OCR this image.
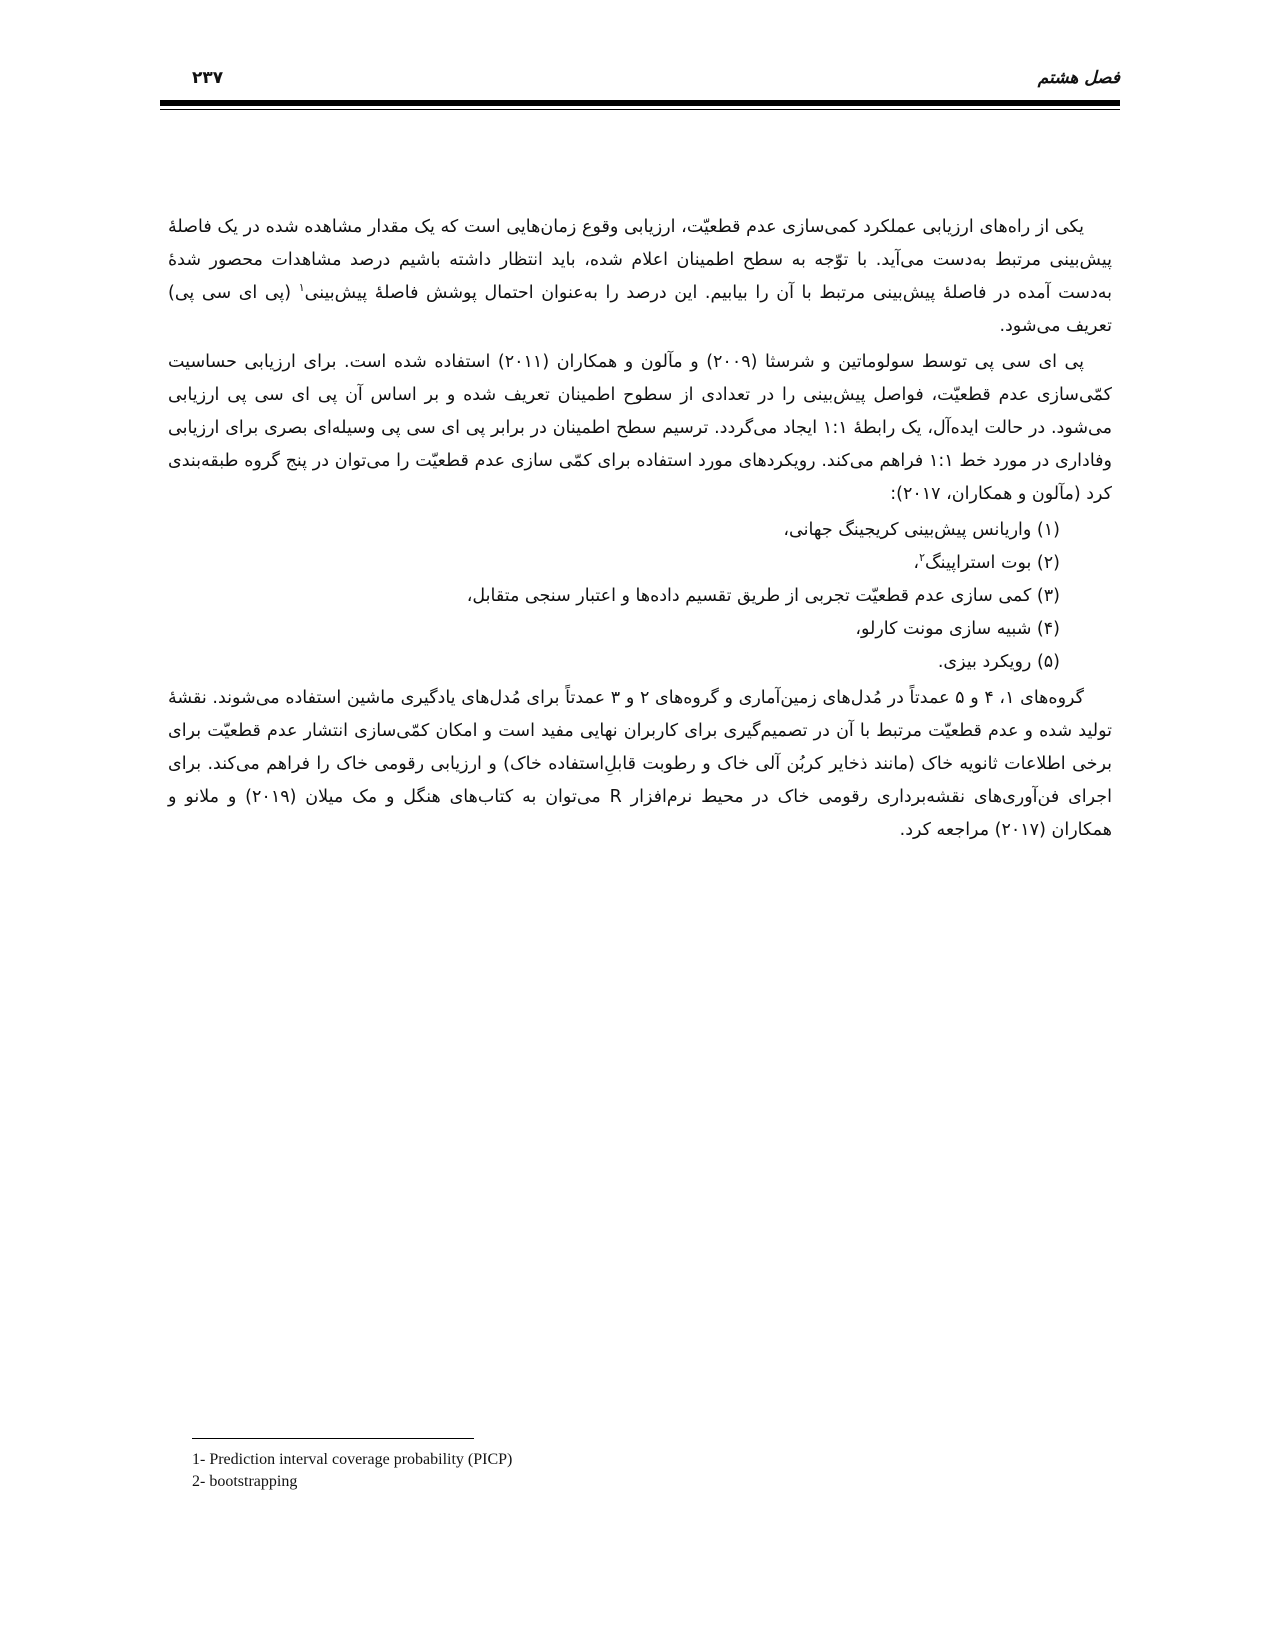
فصل هشتم
۲۳۷

یکی از راه‌های ارزیابی عملکرد کمی‌سازی عدم قطعیّت، ارزیابی وقوع زمان‌هایی است که یک مقدار مشاهده شده در یک فاصلۀ پیش‌بینی مرتبط به‌دست می‌آید. با توّجه به سطح اطمینان اعلام شده، باید انتظار داشته باشیم درصد مشاهدات محصور شدۀ به‌دست آمده در فاصلۀ پیش‌بینی مرتبط با آن را بیابیم. این درصد را به‌عنوان احتمال پوشش فاصلۀ پیش‌بینی$^۱$ (پی ای سی پی) تعریف می‌شود.

پی ای سی پی توسط سولوماتین و شرسثا (۲۰۰۹) و مآلون و همکاران (۲۰۱۱) استفاده شده است. برای ارزیابی حساسیت کمّی‌سازی عدم قطعیّت، فواصل پیش‌بینی را در تعدادی از سطوح اطمینان تعریف شده و بر اساس آن پی ای سی پی ارزیابی می‌شود. در حالت ایده‌آل، یک رابطۀ ۱:۱ ایجاد می‌گردد. ترسیم سطح اطمینان در برابر پی ای سی پی وسیله‌ای بصری برای ارزیابی وفاداری در مورد خط ۱:۱ فراهم می‌کند. رویکردهای مورد استفاده برای کمّی سازی عدم قطعیّت را می‌توان در پنج گروه طبقه‌بندی کرد (مآلون و همکاران، ۲۰۱۷):

(۱) واریانس پیش‌بینی کریجینگ جهانی،
(۲) بوت استراپینگ$^۲$،
(۳) کمی سازی عدم قطعیّت تجربی از طریق تقسیم داده‌ها و اعتبار سنجی متقابل،
(۴) شبیه سازی مونت کارلو،
(۵) رویکرد بیزی.

گروه‌های ۱، ۴ و ۵ عمدتاً در مُدل‌های زمین‌آماری و گروه‌های ۲ و ۳ عمدتاً برای مُدل‌های یادگیری ماشین استفاده می‌شوند. نقشۀ تولید شده و عدم قطعیّت مرتبط با آن در تصمیم‌گیری برای کاربران نهایی مفید است و امکان کمّی‌سازی انتشار عدم قطعیّت برای برخی اطلاعات ثانویه خاک (مانند ذخایر کربُن آلی خاک و رطوبت قابلِ‌استفاده خاک) و ارزیابی رقومی خاک را فراهم می‌کند. برای اجرای فن‌آوری‌های نقشه‌برداری رقومی خاک در محیط نرم‌افزار R می‌توان به کتاب‌های هنگل و مک میلان (۲۰۱۹) و ملانو و همکاران (۲۰۱۷) مراجعه کرد.

1- Prediction interval coverage probability (PICP)
2- bootstrapping
